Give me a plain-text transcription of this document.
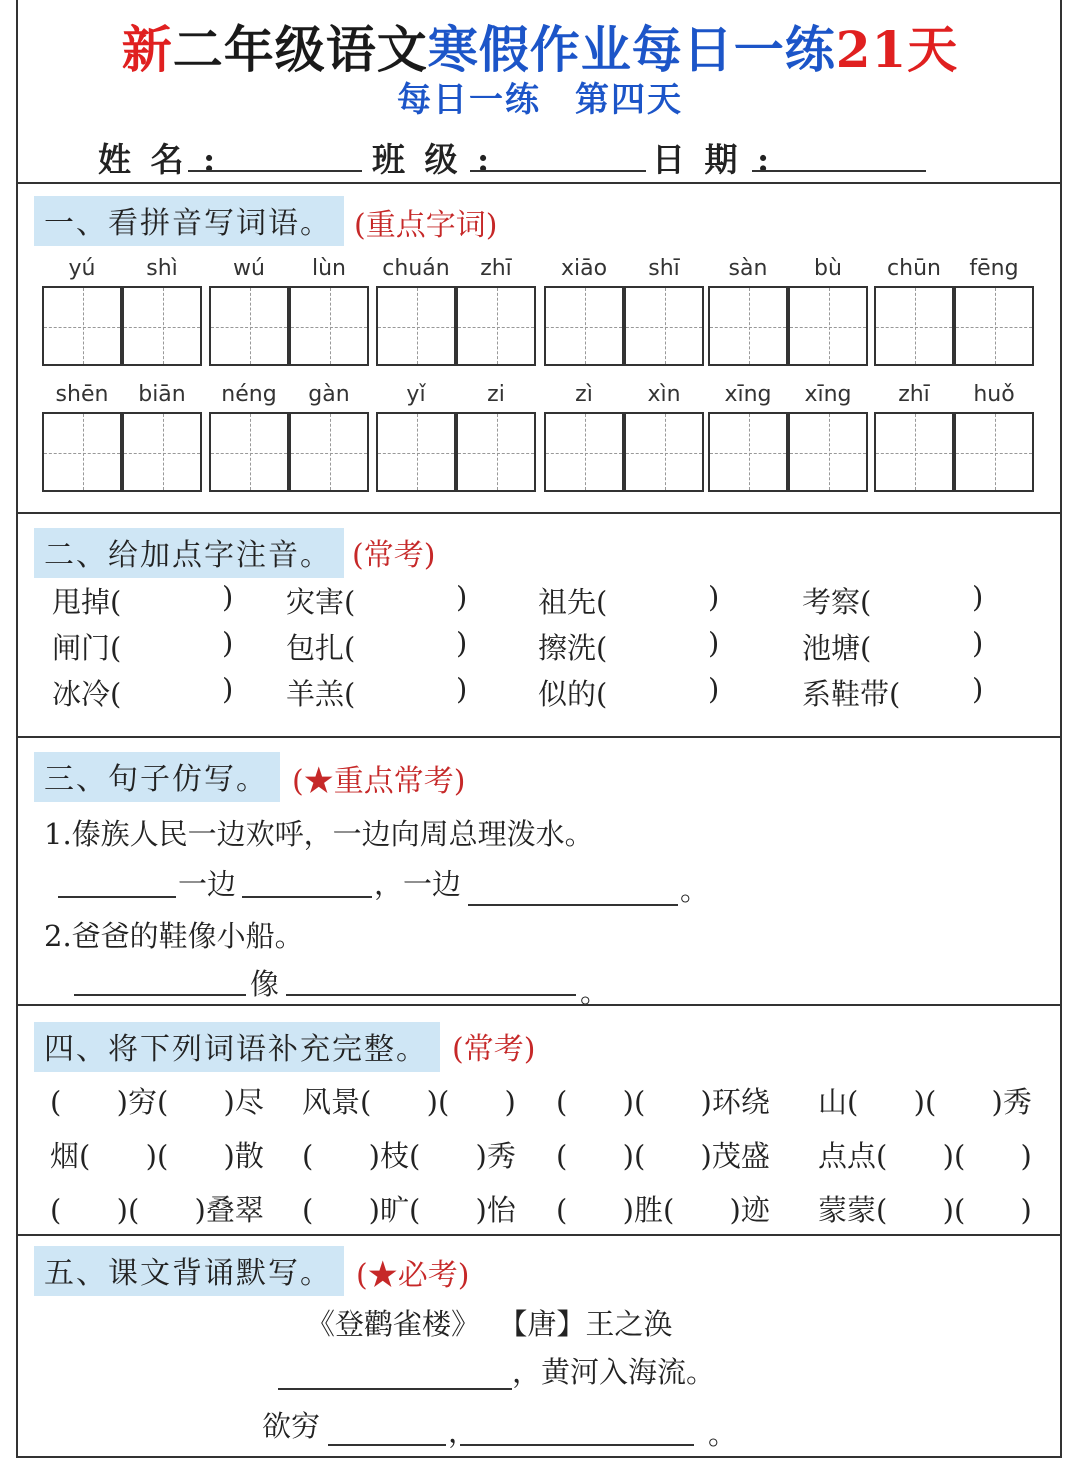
新二年级语文寒假作业每日一练21天
每日一练 第四天
姓 名 :	班 级 :	日 期 :
一、看拼音写词语。 (重点字词)
yú	shì	wú	lùn	chuán	zhī	xiāo	shī	sàn	bù	chūn	fēng
shēn	biān	néng	gàn	yǐ	zi	zì	xìn	xīng	xīng	zhī	huǒ
二、给加点字注音。 (常考)
甩掉(	) 灾害(	) 祖先(	)	考察(	)
闸门(	) 包扎(	) 擦洗(	)	池塘(	)
冰冷(	) 羊羔(	) 似的(	)	系鞋带( )
三、句子仿写。 (★重点常考)
1.傣族人民一边欢呼，一边向周总理泼水。
一边	，一边	。
2.爸爸的鞋像小船。
像	。
四、将下列词语补充完整。 (常考)
(      )穷(      )尽 风景(      )(      ) (      )(      )环绕 山(      )(      )秀
烟(      )(      )散 (      )枝(      )秀 (      )(      )茂盛 点点(      )(      )
(      )(      )叠翠 (      )旷(      )怡 (      )胜(      )迹 蒙蒙(      )(      )
五、课文背诵默写。 (★必考)
《登鹳雀楼》  【唐】王之涣
，黄河入海流。
欲穷	，	。
